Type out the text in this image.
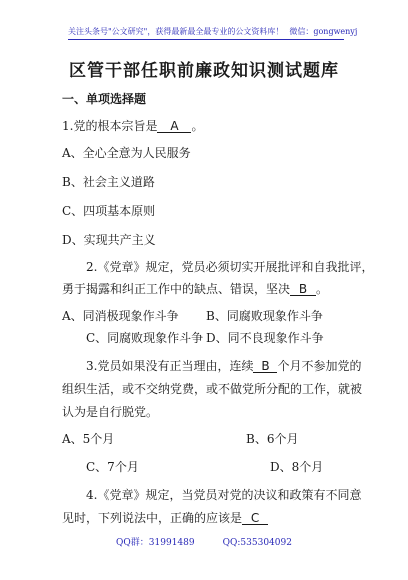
关注头条号"公文研究"，获得最新最全最专业的公文资料库！ 微信：gongwenyj
区管干部任职前廉政知识测试题库
一、单项选择题
1.党的根本宗旨是 A 。
A、全心全意为人民服务
B、社会主义道路
C、四项基本原则
D、实现共产主义
2.《党章》规定，党员必须切实开展批评和自我批评，
勇于揭露和纠正工作中的缺点、错误，坚决 B 。
A、同消极现象作斗争 B、同腐败现象作斗争
C、同腐败现象作斗争 D、同不良现象作斗争
3.党员如果没有正当理由，连续 B 个月不参加党的
组织生活，或不交纳党费，或不做党所分配的工作，就被
认为是自行脱党。
A、5个月	B、6个月
C、7个月	D、8个月
4.《党章》规定，当党员对党的决议和政策有不同意
见时，下列说法中，正确的应该是 C
QQ群：31991489	QQ:535304092
